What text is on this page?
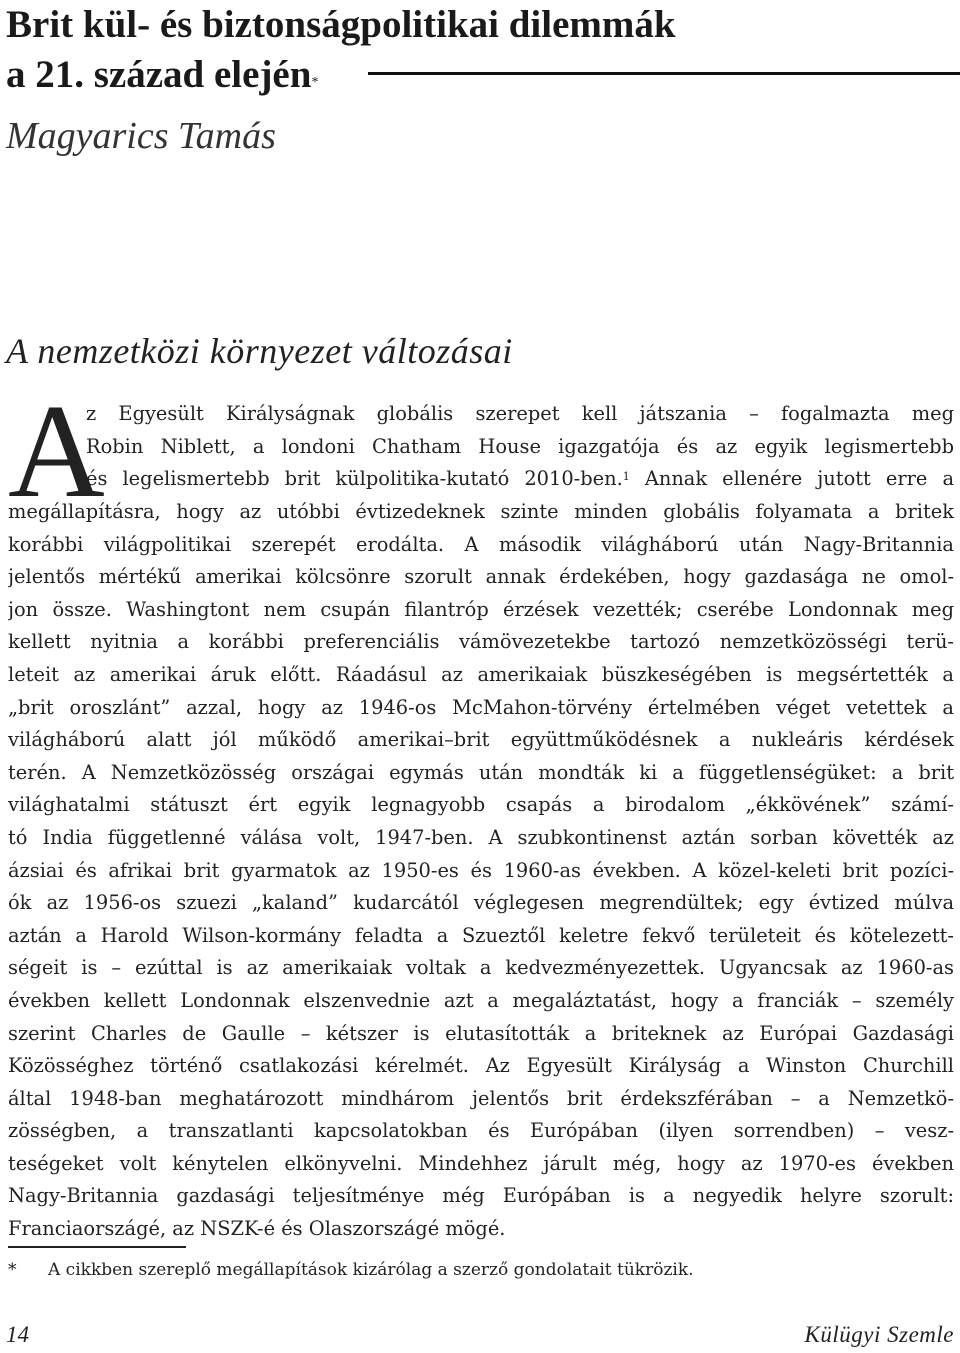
Brit kül- és biztonságpolitikai dilemmák
a 21. század elején*
Magyarics Tamás
A nemzetközi környezet változásai
A
z Egyesült Királyságnak globális szerepet kell játszania – fogalmazta meg
Robin Niblett, a londoni Chatham House igazgatója és az egyik legismertebb
és legelismertebb brit külpolitika-kutató 2010-ben.$^1$ Annak ellenére jutott erre a
megállapításra, hogy az utóbbi évtizedeknek szinte minden globális folyamata a britek
korábbi világpolitikai szerepét erodálta. A második világháború után Nagy-Britannia
jelentős mértékű amerikai kölcsönre szorult annak érdekében, hogy gazdasága ne omol-
jon össze. Washingtont nem csupán filantróp érzések vezették; cserébe Londonnak meg
kellett nyitnia a korábbi preferenciális vámövezetekbe tartozó nemzetközösségi terü-
leteit az amerikai áruk előtt. Ráadásul az amerikaiak büszkeségében is megsértették a
„brit oroszlánt” azzal, hogy az 1946-os McMahon-törvény értelmében véget vetettek a
világháború alatt jól működő amerikai–brit együttműködésnek a nukleáris kérdések
terén. A Nemzetközösség országai egymás után mondták ki a függetlenségüket: a brit
világhatalmi státuszt ért egyik legnagyobb csapás a birodalom „ékkövének” számí-
tó India függetlenné válása volt, 1947-ben. A szubkontinenst aztán sorban követték az
ázsiai és afrikai brit gyarmatok az 1950-es és 1960-as években. A közel-keleti brit pozíci-
ók az 1956-os szuezi „kaland” kudarcától véglegesen megrendültek; egy évtized múlva
aztán a Harold Wilson-kormány feladta a Szueztől keletre fekvő területeit és kötelezett-
ségeit is – ezúttal is az amerikaiak voltak a kedvezményezettek. Ugyancsak az 1960-as
években kellett Londonnak elszenvednie azt a megaláztatást, hogy a franciák – személy
szerint Charles de Gaulle – kétszer is elutasították a briteknek az Európai Gazdasági
Közösséghez történő csatlakozási kérelmét. Az Egyesült Királyság a Winston Churchill
által 1948-ban meghatározott mindhárom jelentős brit érdekszférában – a Nemzetkö-
zösségben, a transzatlanti kapcsolatokban és Európában (ilyen sorrendben) – vesz-
teségeket volt kénytelen elkönyvelni. Mindehhez járult még, hogy az 1970-es években
Nagy-Britannia gazdasági teljesítménye még Európában is a negyedik helyre szorult:
Franciaországé, az NSZK-é és Olaszországé mögé.
* A cikkben szereplő megállapítások kizárólag a szerző gondolatait tükrözik.
14	Külügyi Szemle
